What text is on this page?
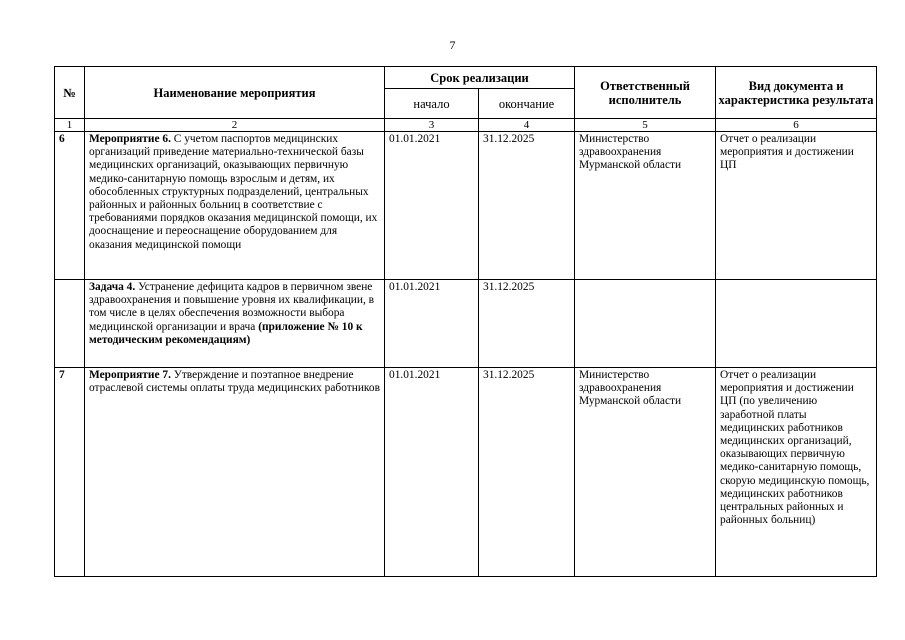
7
№	Наименование мероприятия	Срок реализации		Ответственный исполнитель	Вид документа и характеристика результата
		начало	окончание		
1	2	3	4	5	6
6	Мероприятие 6. С учетом паспортов медицинских организаций приведение материально-технической базы медицинских организаций, оказывающих первичную медико-санитарную помощь взрослым и детям, их обособленных структурных подразделений, центральных районных и районных больниц в соответствие с требованиями порядков оказания медицинской помощи, их дооснащение и переоснащение оборудованием для оказания медицинской помощи	01.01.2021	31.12.2025	Министерство здравоохранения Мурманской области	Отчет о реализации мероприятия и достижении ЦП
	Задача 4. Устранение дефицита кадров в первичном звене здравоохранения и повышение уровня их квалификации, в том числе в целях обеспечения возможности выбора медицинской организации и врача (приложение № 10 к методическим рекомендациям)	01.01.2021	31.12.2025		
7	Мероприятие 7. Утверждение и поэтапное внедрение отраслевой системы оплаты труда медицинских работников	01.01.2021	31.12.2025	Министерство здравоохранения Мурманской области	Отчет о реализации мероприятия и достижении ЦП (по увеличению заработной платы медицинских работников медицинских организаций, оказывающих первичную медико-санитарную помощь, скорую медицинскую помощь, медицинских работников центральных районных и районных больниц)
